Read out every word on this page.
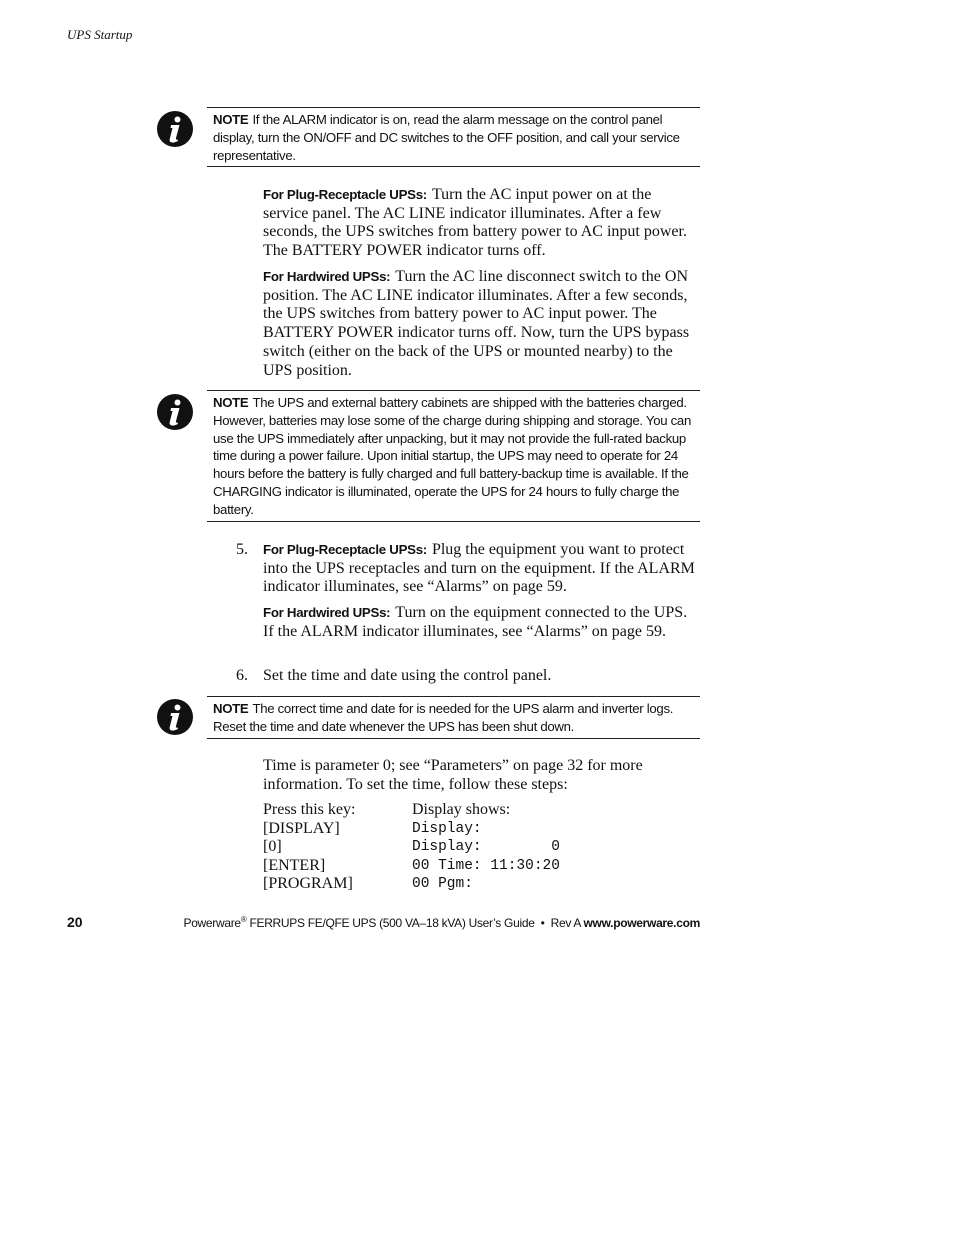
UPS Startup
NOTE If the ALARM indicator is on, read the alarm message on the control panel display, turn the ON/OFF and DC switches to the OFF position, and call your service representative.
For Plug-Receptacle UPSs: Turn the AC input power on at the service panel. The AC LINE indicator illuminates. After a few seconds, the UPS switches from battery power to AC input power. The BATTERY POWER indicator turns off.
For Hardwired UPSs: Turn the AC line disconnect switch to the ON position. The AC LINE indicator illuminates. After a few seconds, the UPS switches from battery power to AC input power. The BATTERY POWER indicator turns off. Now, turn the UPS bypass switch (either on the back of the UPS or mounted nearby) to the UPS position.
NOTE The UPS and external battery cabinets are shipped with the batteries charged. However, batteries may lose some of the charge during shipping and storage. You can use the UPS immediately after unpacking, but it may not provide the full-rated backup time during a power failure. Upon initial startup, the UPS may need to operate for 24 hours before the battery is fully charged and full battery-backup time is available. If the CHARGING indicator is illuminated, operate the UPS for 24 hours to fully charge the battery.
5. For Plug-Receptacle UPSs: Plug the equipment you want to protect into the UPS receptacles and turn on the equipment. If the ALARM indicator illuminates, see “Alarms” on page 59.
For Hardwired UPSs: Turn on the equipment connected to the UPS. If the ALARM indicator illuminates, see “Alarms” on page 59.
6. Set the time and date using the control panel.
NOTE The correct time and date for is needed for the UPS alarm and inverter logs. Reset the time and date whenever the UPS has been shut down.
Time is parameter 0; see “Parameters” on page 32 for more information. To set the time, follow these steps:
Press this key:	Display shows:
[DISPLAY]	Display:
[0]	Display:        0
[ENTER]	00 Time: 11:30:20
[PROGRAM]	00 Pgm:
20	Powerware® FERRUPS FE/QFE UPS (500 VA–18 kVA) User’s Guide  •  Rev A www.powerware.com
